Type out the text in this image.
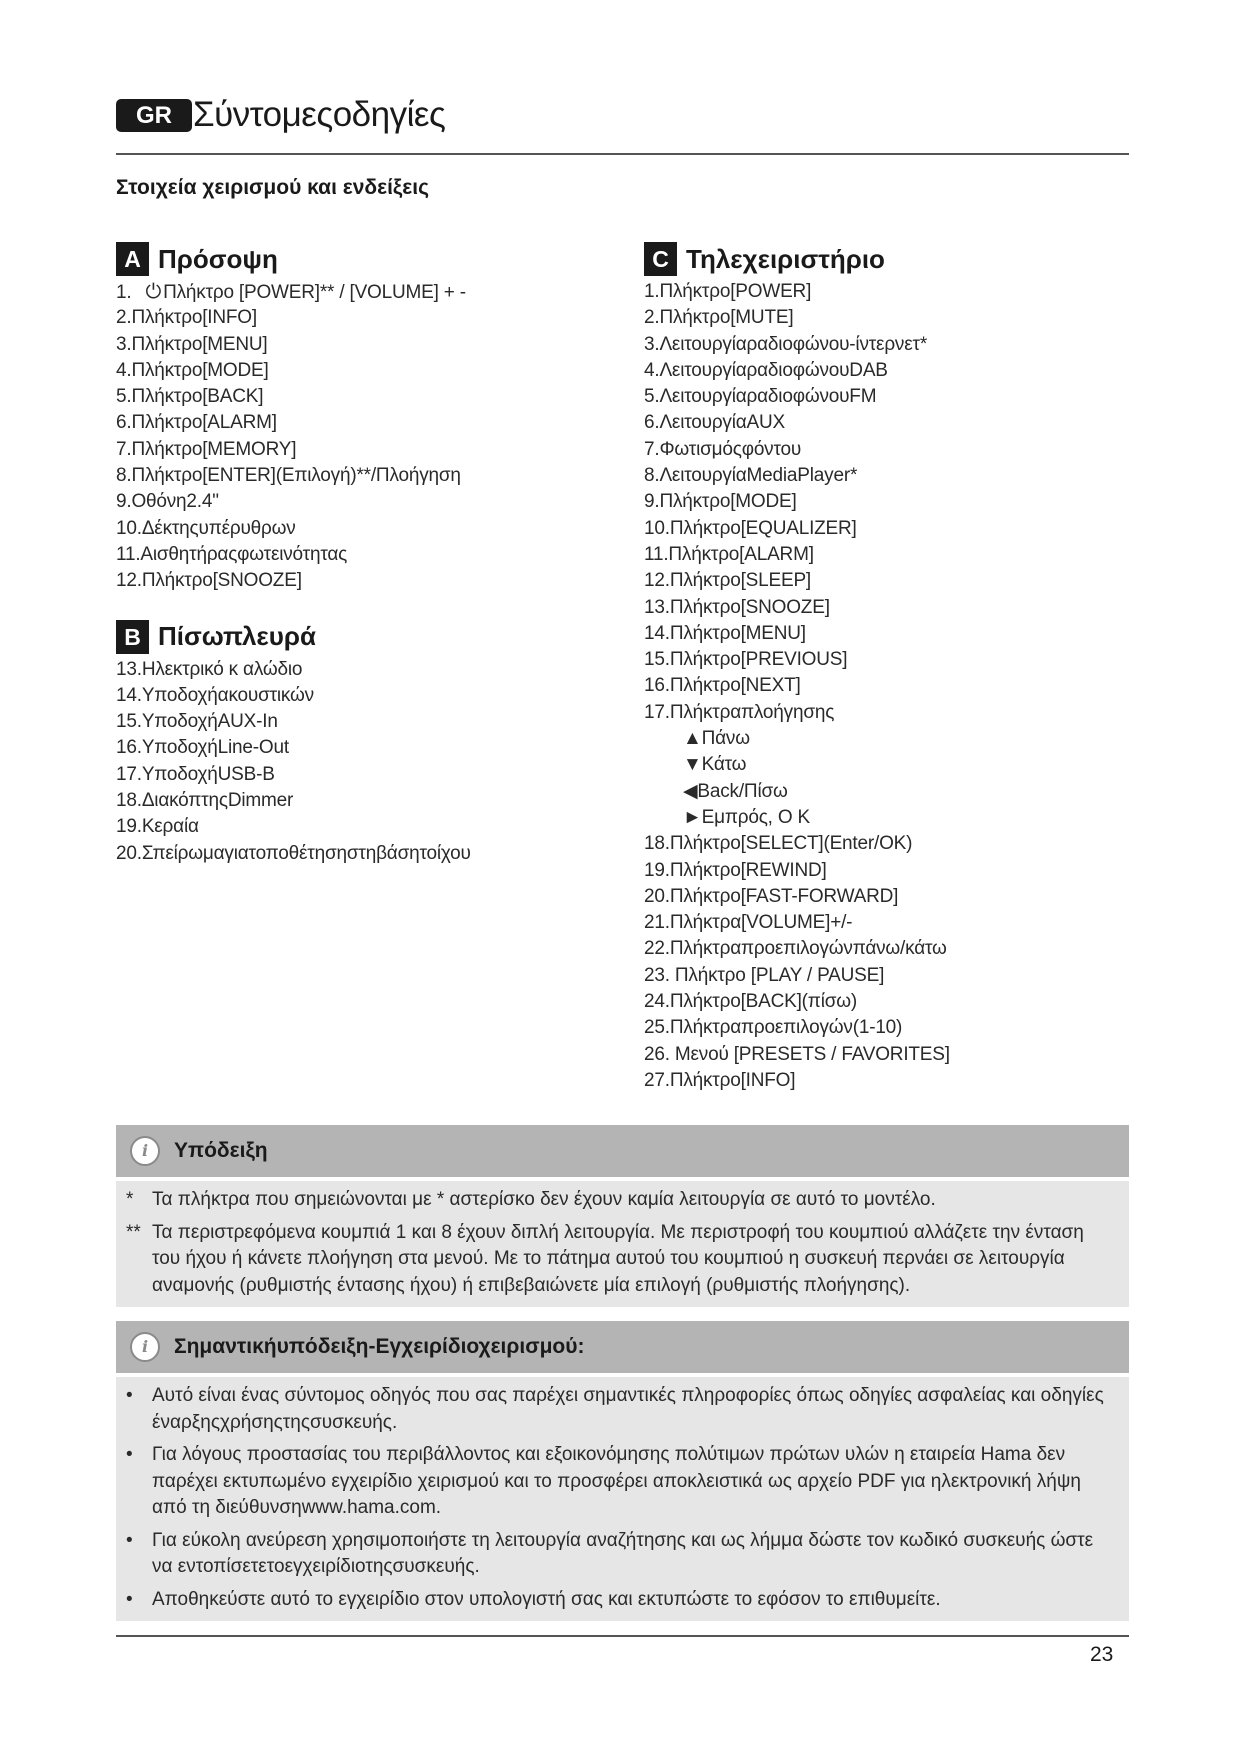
GR Σύντομεςοδηγίες
Στοιχεία χειρισμού και ενδείξεις
A Πρόσοψη
1. ⏻ Πλήκτρο [POWER]** / [VOLUME] + -
2.Πλήκτρο[INFO]
3.Πλήκτρο[MENU]
4.Πλήκτρο[MODE]
5.Πλήκτρο[BACK]
6.Πλήκτρο[ALARM]
7.Πλήκτρο[MEMORY]
8.Πλήκτρο[ENTER](Επιλογή)**/Πλοήγηση
9.Οθόνη2.4"
10.Δέκτηςυπέρυθρων
11.Αισθητήραςφωτεινότητας
12.Πλήκτρο[SNOOZE]
B Πίσωπλευρά
13.Ηλεκτρικό κ αλώδιο
14.Υποδοχήακουστικών
15.ΥποδοχήAUX-In
16.ΥποδοχήLine-Out
17.ΥποδοχήUSB-B
18.ΔιακόπτηςDimmer
19.Κεραία
20.Σπείρωμαγιατοποθέτησηστηβάσητοίχου
C Τηλεχειριστήριο
1.Πλήκτρο[POWER]
2.Πλήκτρο[MUTE]
3.Λειτουργίαραδιοφώνου-ίντερνετ*
4.ΛειτουργίαραδιοφώνουDAB
5.ΛειτουργίαραδιοφώνουFM
6.ΛειτουργίαAUX
7.Φωτισμόςφόντου
8.ΛειτουργίαMediaPlayer*
9.Πλήκτρο[MODE]
10.Πλήκτρο[EQUALIZER]
11.Πλήκτρο[ALARM]
12.Πλήκτρο[SLEEP]
13.Πλήκτρο[SNOOZE]
14.Πλήκτρο[MENU]
15.Πλήκτρο[PREVIOUS]
16.Πλήκτρο[NEXT]
17.Πλήκτραπλοήγησης
▲Πάνω
▼Κάτω
◀Back/Πίσω
►Εμπρός, Ο Κ
18.Πλήκτρο[SELECT](Enter/OK)
19.Πλήκτρο[REWIND]
20.Πλήκτρο[FAST-FORWARD]
21.Πλήκτρα[VOLUME]+/-
22.Πλήκτραπροεπιλογώνπάνω/κάτω
23. Πλήκτρο [PLAY / PAUSE]
24.Πλήκτρο[BACK](πίσω)
25.Πλήκτραπροεπιλογών(1-10)
26. Μενού [PRESETS / FAVORITES]
27.Πλήκτρο[INFO]
i	Υπόδειξη
* Τα πλήκτρα που σημειώνονται με * αστερίσκο δεν έχουν καμία λειτουργία σε αυτό το μοντέλο.
** Τα περιστρεφόμενα κουμπιά 1 και 8 έχουν διπλή λειτουργία. Με περιστροφή του κουμπιού αλλάζετε την ένταση του ήχου ή κάνετε πλοήγηση στα μενού. Με το πάτημα αυτού του κουμπιού η συσκευή περνάει σε λειτουργία αναμονής (ρυθμιστής έντασης ήχου) ή επιβεβαιώνετε μία επιλογή (ρυθμιστής πλοήγησης).
i	Σημαντικήυπόδειξη-Εγχειρίδιοχειρισμού:
•	Αυτό είναι ένας σύντομος οδηγός που σας παρέχει σημαντικές πληροφορίες όπως οδηγίες ασφαλείας και οδηγίες έναρξηςχρήσηςτηςσυσκευής.
•	Για λόγους προστασίας του περιβάλλοντος και εξοικονόμησης πολύτιμων πρώτων υλών η εταιρεία Hama δεν παρέχει εκτυπωμένο εγχειρίδιο χειρισμού και το προσφέρει αποκλειστικά ως αρχείο PDF για ηλεκτρονική λήψη από τη διεύθυνσηwww.hama.com.
•	Για εύκολη ανεύρεση χρησιμοποιήστε τη λειτουργία αναζήτησης και ως λήμμα δώστε τον κωδικό συσκευής ώστε να εντοπίσετετοεγχειρίδιοτηςσυσκευής.
•	Αποθηκεύστε αυτό το εγχειρίδιο στον υπολογιστή σας και εκτυπώστε το εφόσον το επιθυμείτε.
23
